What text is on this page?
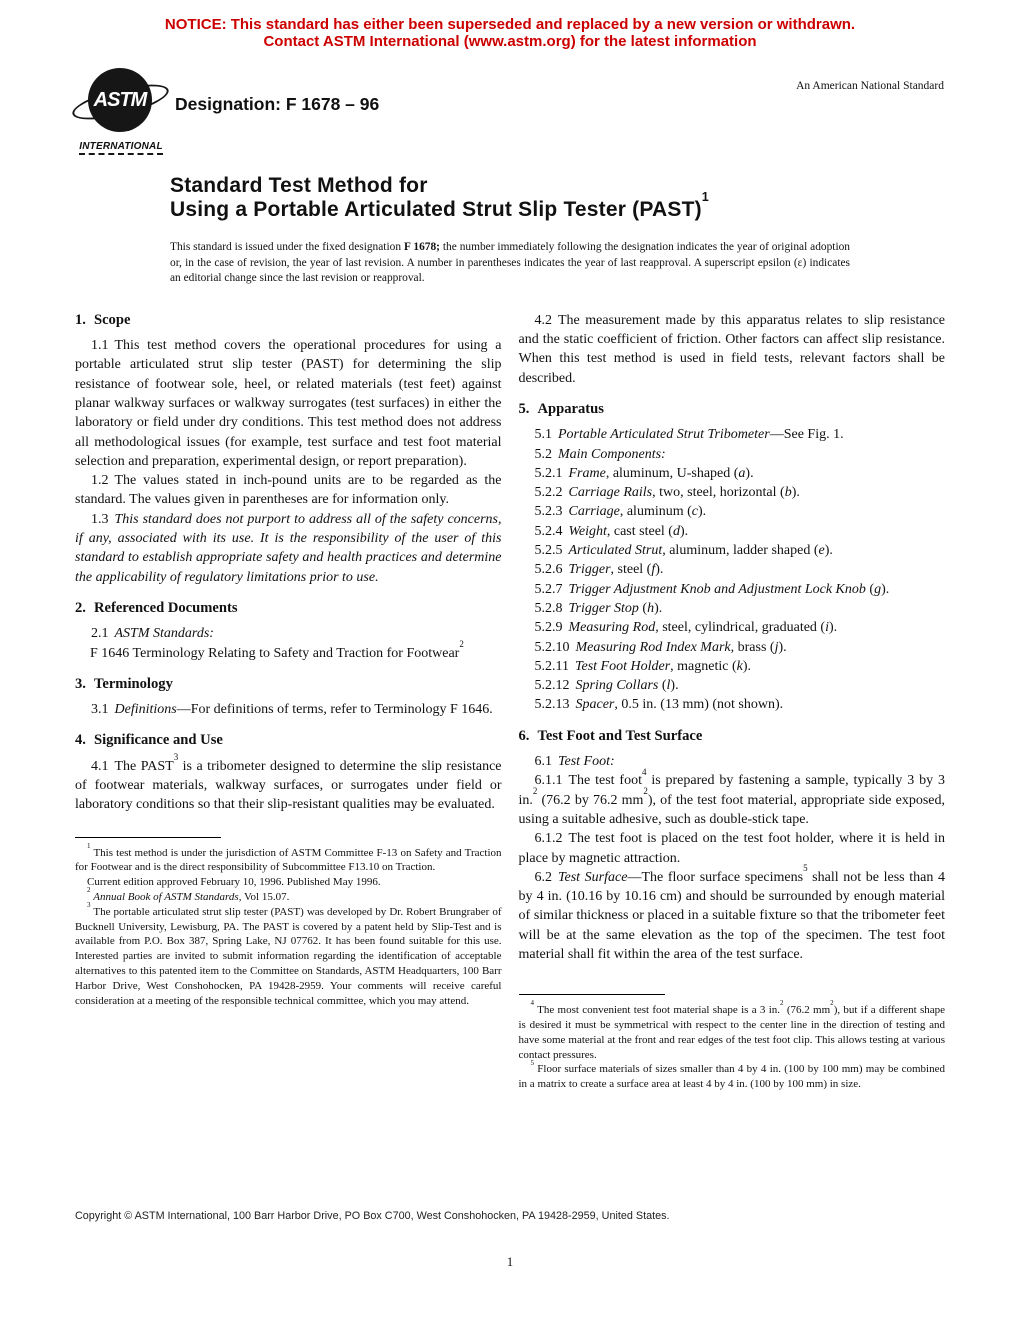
NOTICE: This standard has either been superseded and replaced by a new version or withdrawn.
Contact ASTM International (www.astm.org) for the latest information
ASTM
INTERNATIONAL
Designation: F 1678 – 96
An American National Standard
Standard Test Method for
Using a Portable Articulated Strut Slip Tester (PAST)$^1$
This standard is issued under the fixed designation F 1678; the number immediately following the designation indicates the year of original adoption or, in the case of revision, the year of last revision. A number in parentheses indicates the year of last reapproval. A superscript epsilon (ε) indicates an editorial change since the last revision or reapproval.
1. Scope
1.1 This test method covers the operational procedures for using a portable articulated strut slip tester (PAST) for determining the slip resistance of footwear sole, heel, or related materials (test feet) against planar walkway surfaces or walkway surrogates (test surfaces) in either the laboratory or field under dry conditions. This test method does not address all methodological issues (for example, test surface and test foot material selection and preparation, experimental design, or report preparation).
1.2 The values stated in inch-pound units are to be regarded as the standard. The values given in parentheses are for information only.
1.3 This standard does not purport to address all of the safety concerns, if any, associated with its use. It is the responsibility of the user of this standard to establish appropriate safety and health practices and determine the applicability of regulatory limitations prior to use.
2. Referenced Documents
2.1 ASTM Standards:
F 1646 Terminology Relating to Safety and Traction for Footwear$^2$
3. Terminology
3.1 Definitions—For definitions of terms, refer to Terminology F 1646.
4. Significance and Use
4.1 The PAST$^3$ is a tribometer designed to determine the slip resistance of footwear materials, walkway surfaces, or surrogates under field or laboratory conditions so that their slip-resistant qualities may be evaluated.
$^1$ This test method is under the jurisdiction of ASTM Committee F-13 on Safety and Traction for Footwear and is the direct responsibility of Subcommittee F13.10 on Traction.
Current edition approved February 10, 1996. Published May 1996.
$^2$ Annual Book of ASTM Standards, Vol 15.07.
$^3$ The portable articulated strut slip tester (PAST) was developed by Dr. Robert Brungraber of Bucknell University, Lewisburg, PA. The PAST is covered by a patent held by Slip-Test and is available from P.O. Box 387, Spring Lake, NJ 07762. It has been found suitable for this use. Interested parties are invited to submit information regarding the identification of acceptable alternatives to this patented item to the Committee on Standards, ASTM Headquarters, 100 Barr Harbor Drive, West Conshohocken, PA 19428-2959. Your comments will receive careful consideration at a meeting of the responsible technical committee, which you may attend.
4.2 The measurement made by this apparatus relates to slip resistance and the static coefficient of friction. Other factors can affect slip resistance. When this test method is used in field tests, relevant factors shall be described.
5. Apparatus
5.1 Portable Articulated Strut Tribometer—See Fig. 1.
5.2 Main Components:
5.2.1 Frame, aluminum, U-shaped (a).
5.2.2 Carriage Rails, two, steel, horizontal (b).
5.2.3 Carriage, aluminum (c).
5.2.4 Weight, cast steel (d).
5.2.5 Articulated Strut, aluminum, ladder shaped (e).
5.2.6 Trigger, steel (f).
5.2.7 Trigger Adjustment Knob and Adjustment Lock Knob (g).
5.2.8 Trigger Stop (h).
5.2.9 Measuring Rod, steel, cylindrical, graduated (i).
5.2.10 Measuring Rod Index Mark, brass (j).
5.2.11 Test Foot Holder, magnetic (k).
5.2.12 Spring Collars (l).
5.2.13 Spacer, 0.5 in. (13 mm) (not shown).
6. Test Foot and Test Surface
6.1 Test Foot:
6.1.1 The test foot$^4$ is prepared by fastening a sample, typically 3 by 3 in.$^2$ (76.2 by 76.2 $mm^2$), of the test foot material, appropriate side exposed, using a suitable adhesive, such as double-stick tape.
6.1.2 The test foot is placed on the test foot holder, where it is held in place by magnetic attraction.
6.2 Test Surface—The floor surface specimens$^5$ shall not be less than 4 by 4 in. (10.16 by 10.16 cm) and should be surrounded by enough material of similar thickness or placed in a suitable fixture so that the tribometer feet will be at the same elevation as the top of the specimen. The test foot material shall fit within the area of the test surface.
$^4$ The most convenient test foot material shape is a 3 in.$^2$ (76.2 $mm^2$), but if a different shape is desired it must be symmetrical with respect to the center line in the direction of testing and have some material at the front and rear edges of the test foot clip. This allows testing at various contact pressures.
$^5$ Floor surface materials of sizes smaller than 4 by 4 in. (100 by 100 mm) may be combined in a matrix to create a surface area at least 4 by 4 in. (100 by 100 mm) in size.
Copyright © ASTM International, 100 Barr Harbor Drive, PO Box C700, West Conshohocken, PA 19428-2959, United States.
1
